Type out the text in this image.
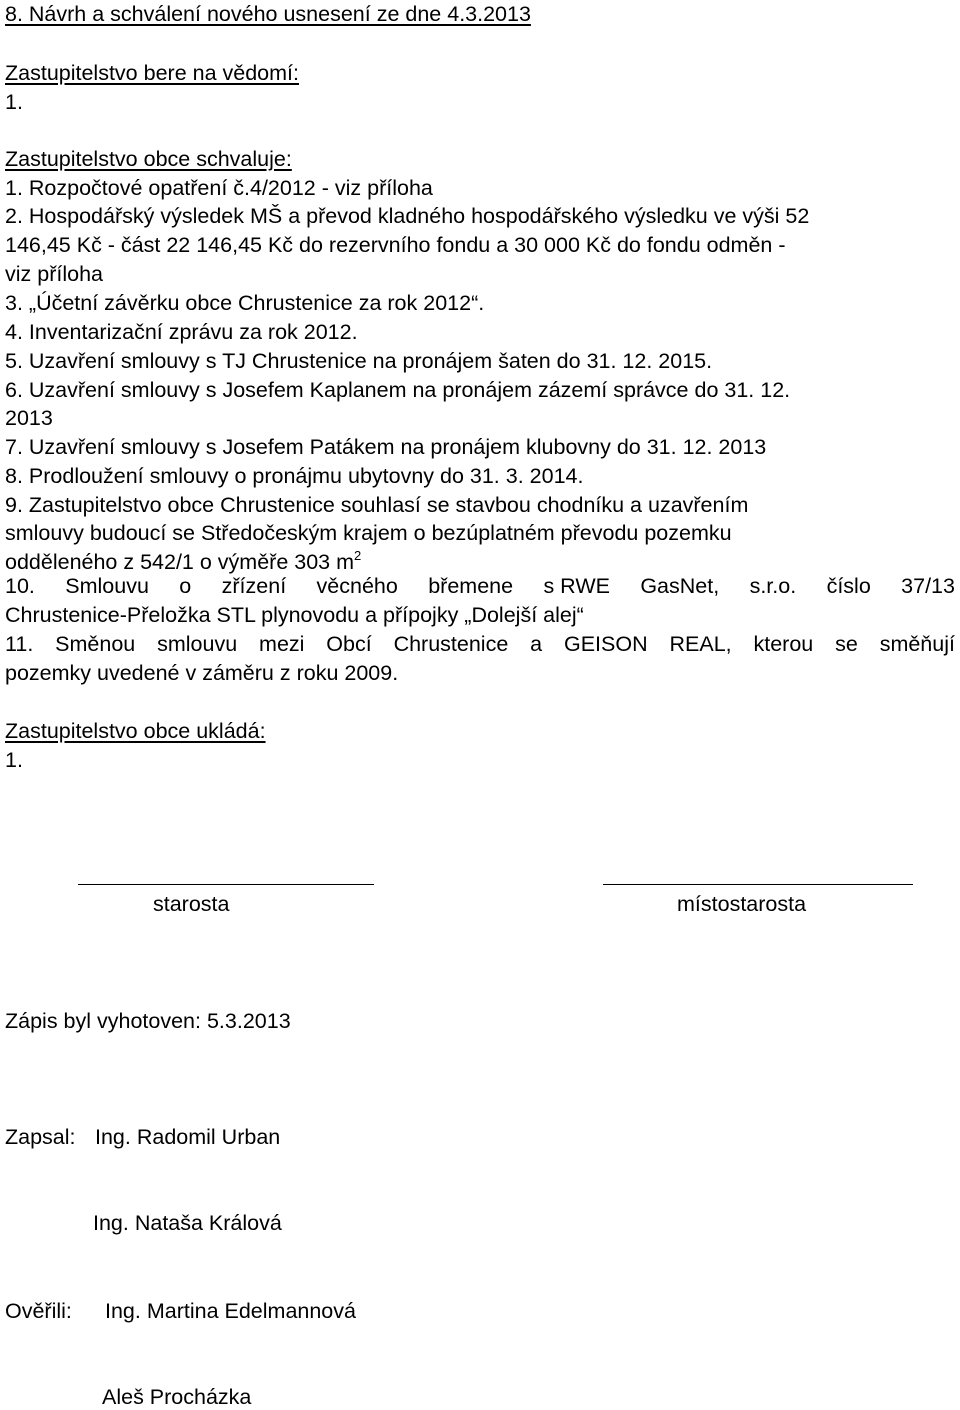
8. Návrh a schválení nového usnesení ze dne 4.3.2013
Zastupitelstvo bere na vědomí:
1.
Zastupitelstvo obce schvaluje:
1. Rozpočtové opatření č.4/2012 - viz příloha
2. Hospodářský výsledek MŠ a převod kladného hospodářského výsledku ve výši 52
146,45 Kč - část 22 146,45 Kč do rezervního fondu a 30 000 Kč do fondu odměn -
viz příloha
3. „Účetní závěrku obce Chrustenice za rok 2012“.
4. Inventarizační zprávu za rok 2012.
5. Uzavření smlouvy s TJ Chrustenice na pronájem šaten do 31. 12. 2015.
6. Uzavření smlouvy s Josefem Kaplanem na pronájem zázemí správce do 31. 12.
2013
7. Uzavření smlouvy s Josefem Patákem na pronájem klubovny do 31. 12. 2013
8. Prodloužení smlouvy o pronájmu ubytovny do 31. 3. 2014.
9. Zastupitelstvo obce Chrustenice souhlasí se stavbou chodníku a uzavřením
smlouvy budoucí se Středočeským krajem o bezúplatném převodu pozemku
odděleného z 542/1 o výměře 303 $m^2$
10. Smlouvu o zřízení věcného břemene s RWE GasNet, s.r.o. číslo 37/13
Chrustenice-Přeložka STL plynovodu a přípojky „Dolejší alej“
11. Směnou smlouvu mezi Obcí Chrustenice a GEISON REAL, kterou se směňují
pozemky uvedené v záměru z roku 2009.
Zastupitelstvo obce ukládá:
1.
starosta	místostarosta
Zápis byl vyhotoven: 5.3.2013
Zapsal: Ing. Radomil Urban
Ing. Nataša Králová
Ověřili: Ing. Martina Edelmannová
Aleš Procházka
